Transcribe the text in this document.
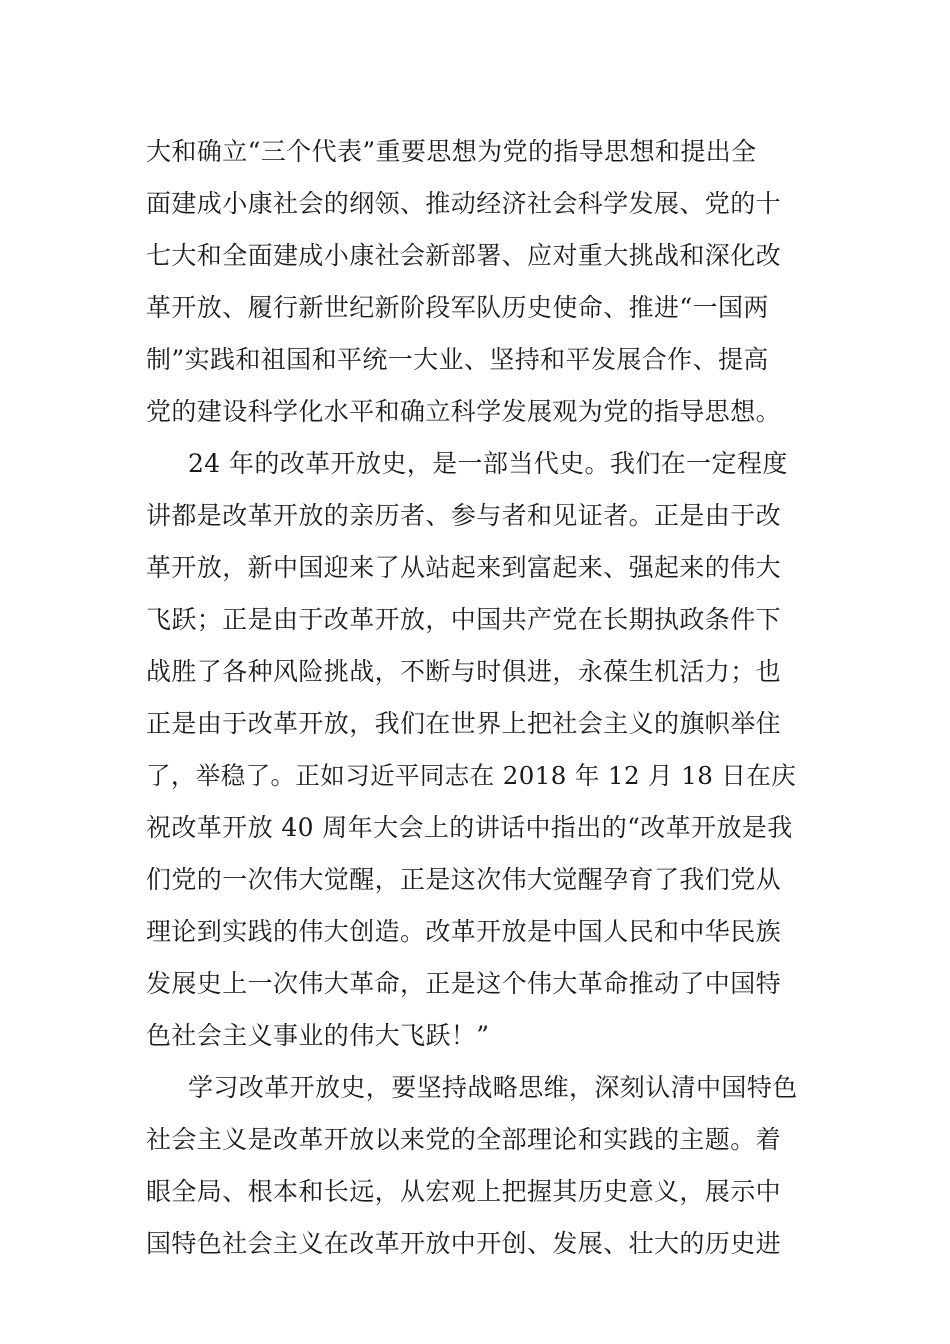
大和确立“三个代表”重要思想为党的指导思想和提出全
面建成小康社会的纲领、推动经济社会科学发展、党的十
七大和全面建成小康社会新部署、应对重大挑战和深化改
革开放、履行新世纪新阶段军队历史使命、推进“一国两
制”实践和祖国和平统一大业、坚持和平发展合作、提高
党的建设科学化水平和确立科学发展观为党的指导思想。
24 年的改革开放史，是一部当代史。我们在一定程度
讲都是改革开放的亲历者、参与者和见证者。正是由于改
革开放，新中国迎来了从站起来到富起来、强起来的伟大
飞跃；正是由于改革开放，中国共产党在长期执政条件下
战胜了各种风险挑战，不断与时俱进，永葆生机活力；也
正是由于改革开放，我们在世界上把社会主义的旗帜举住
了，举稳了。正如习近平同志在 2018 年 12 月 18 日在庆
祝改革开放 40 周年大会上的讲话中指出的“改革开放是我
们党的一次伟大觉醒，正是这次伟大觉醒孕育了我们党从
理论到实践的伟大创造。改革开放是中国人民和中华民族
发展史上一次伟大革命，正是这个伟大革命推动了中国特
色社会主义事业的伟大飞跃！”
学习改革开放史，要坚持战略思维，深刻认清中国特色
社会主义是改革开放以来党的全部理论和实践的主题。着
眼全局、根本和长远，从宏观上把握其历史意义，展示中
国特色社会主义在改革开放中开创、发展、壮大的历史进
